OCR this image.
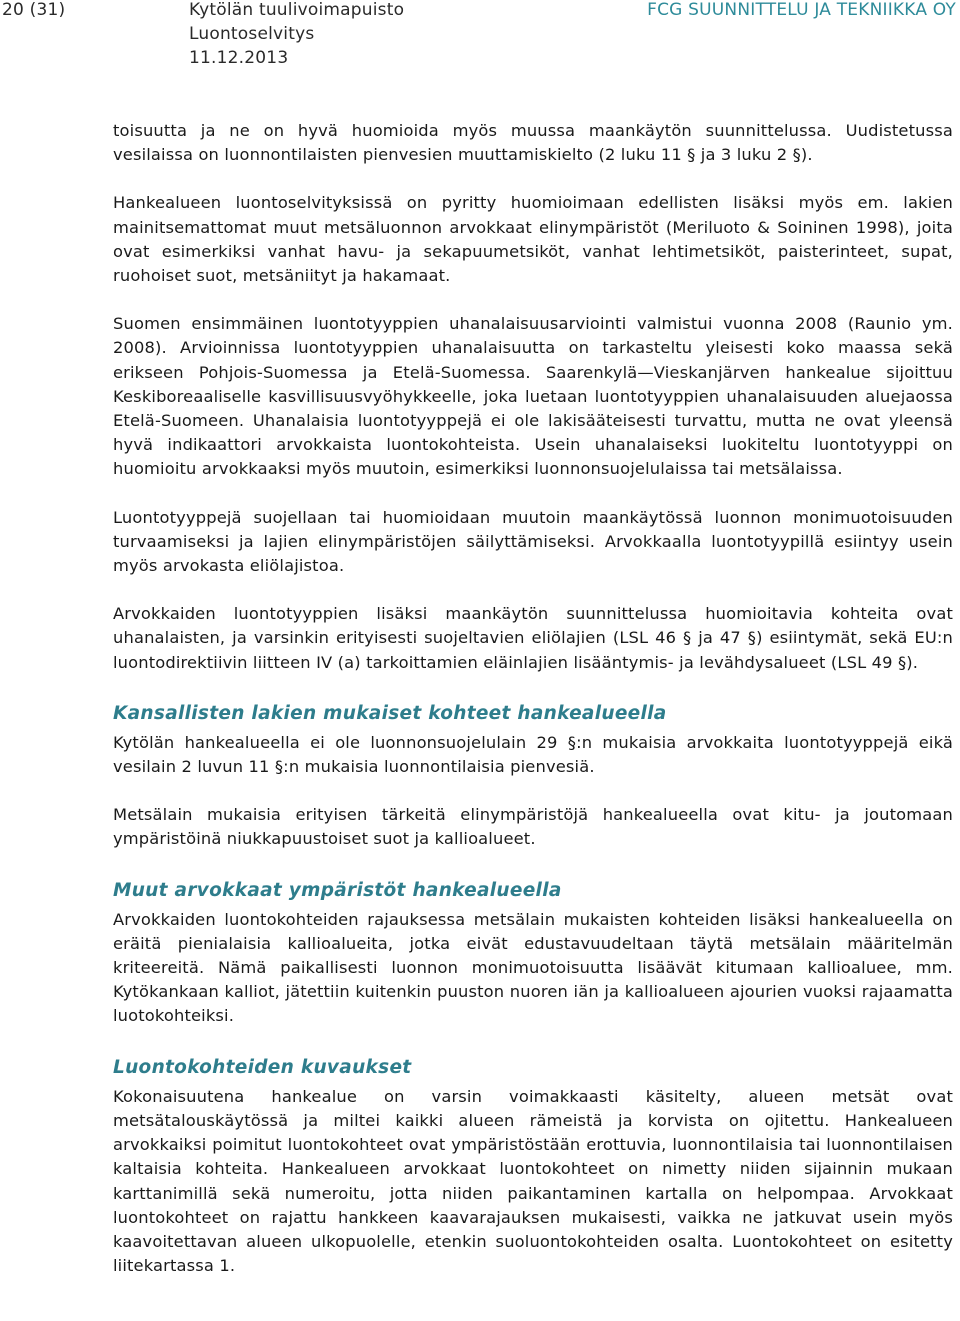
20 (31)	Kytölän tuulivoimapuisto
Luontoselvitys
11.12.2013
FCG SUUNNITTELU JA TEKNIIKKA OY

toisuutta ja ne on hyvä huomioida myös muussa maankäytön suunnittelussa. Uudistetussa vesilaissa on luonnontilaisten pienvesien muuttamiskielto (2 luku 11 § ja 3 luku 2 §).

Hankealueen luontoselvityksissä on pyritty huomioimaan edellisten lisäksi myös em. lakien mainitsemattomat muut metsäluonnon arvokkaat elinympäristöt (Meriluoto & Soininen 1998), joita ovat esimerkiksi vanhat havu- ja sekapuumetsiköt, vanhat lehtimetsiköt, paisterinteet, supat, ruohoiset suot, metsäniityt ja hakamaat.

Suomen ensimmäinen luontotyyppien uhanalaisuusarviointi valmistui vuonna 2008 (Raunio ym. 2008). Arvioinnissa luontotyyppien uhanalaisuutta on tarkasteltu yleisesti koko maassa sekä erikseen Pohjois-Suomessa ja Etelä-Suomessa. Saarenkylä—Vieskanjärven hankealue sijoittuu Keskiboreaaliselle kasvillisuusvyöhykkeelle, joka luetaan luontotyyppien uhanalaisuuden aluejaossa Etelä-Suomeen. Uhanalaisia luontotyyppejä ei ole lakisääteisesti turvattu, mutta ne ovat yleensä hyvä indikaattori arvokkaista luontokohteista. Usein uhanalaiseksi luokiteltu luontotyyppi on huomioitu arvokkaaksi myös muutoin, esimerkiksi luonnonsuojelulaissa tai metsälaissa.

Luontotyyppejä suojellaan tai huomioidaan muutoin maankäytössä luonnon monimuotoisuuden turvaamiseksi ja lajien elinympäristöjen säilyttämiseksi. Arvokkaalla luontotyypillä esiintyy usein myös arvokasta eliölajistoa.

Arvokkaiden luontotyyppien lisäksi maankäytön suunnittelussa huomioitavia kohteita ovat uhanalaisten, ja varsinkin erityisesti suojeltavien eliölajien (LSL 46 § ja 47 §) esiintymät, sekä EU:n luontodirektiivin liitteen IV (a) tarkoittamien eläinlajien lisääntymis- ja levähdysalueet (LSL 49 §).

Kansallisten lakien mukaiset kohteet hankealueella

Kytölän hankealueella ei ole luonnonsuojelulain 29 §:n mukaisia arvokkaita luontotyyppejä eikä vesilain 2 luvun 11 §:n mukaisia luonnontilaisia pienvesiä.

Metsälain mukaisia erityisen tärkeitä elinympäristöjä hankealueella ovat kitu- ja joutomaan ympäristöinä niukkapuustoiset suot ja kallioalueet.

Muut arvokkaat ympäristöt hankealueella

Arvokkaiden luontokohteiden rajauksessa metsälain mukaisten kohteiden lisäksi hankealueella on eräitä pienialaisia kallioalueita, jotka eivät edustavuudeltaan täytä metsälain määritelmän kriteereitä. Nämä paikallisesti luonnon monimuotoisuutta lisäävät kitumaan kallioaluee, mm. Kytökankaan kalliot, jätettiin kuitenkin puuston nuoren iän ja kallioalueen ajourien vuoksi rajaamatta luotokohteiksi.

Luontokohteiden kuvaukset

Kokonaisuutena hankealue on varsin voimakkaasti käsitelty, alueen metsät ovat metsätalouskäytössä ja miltei kaikki alueen rämeistä ja korvista on ojitettu. Hankealueen arvokkaiksi poimitut luontokohteet ovat ympäristöstään erottuvia, luonnontilaisia tai luonnontilaisen kaltaisia kohteita. Hankealueen arvokkaat luontokohteet on nimetty niiden sijainnin mukaan karttanimillä sekä numeroitu, jotta niiden paikantaminen kartalla on helpompaa. Arvokkaat luontokohteet on rajattu hankkeen kaavarajauksen mukaisesti, vaikka ne jatkuvat usein myös kaavoitettavan alueen ulkopuolelle, etenkin suoluontokohteiden osalta. Luontokohteet on esitetty liitekartassa 1.
